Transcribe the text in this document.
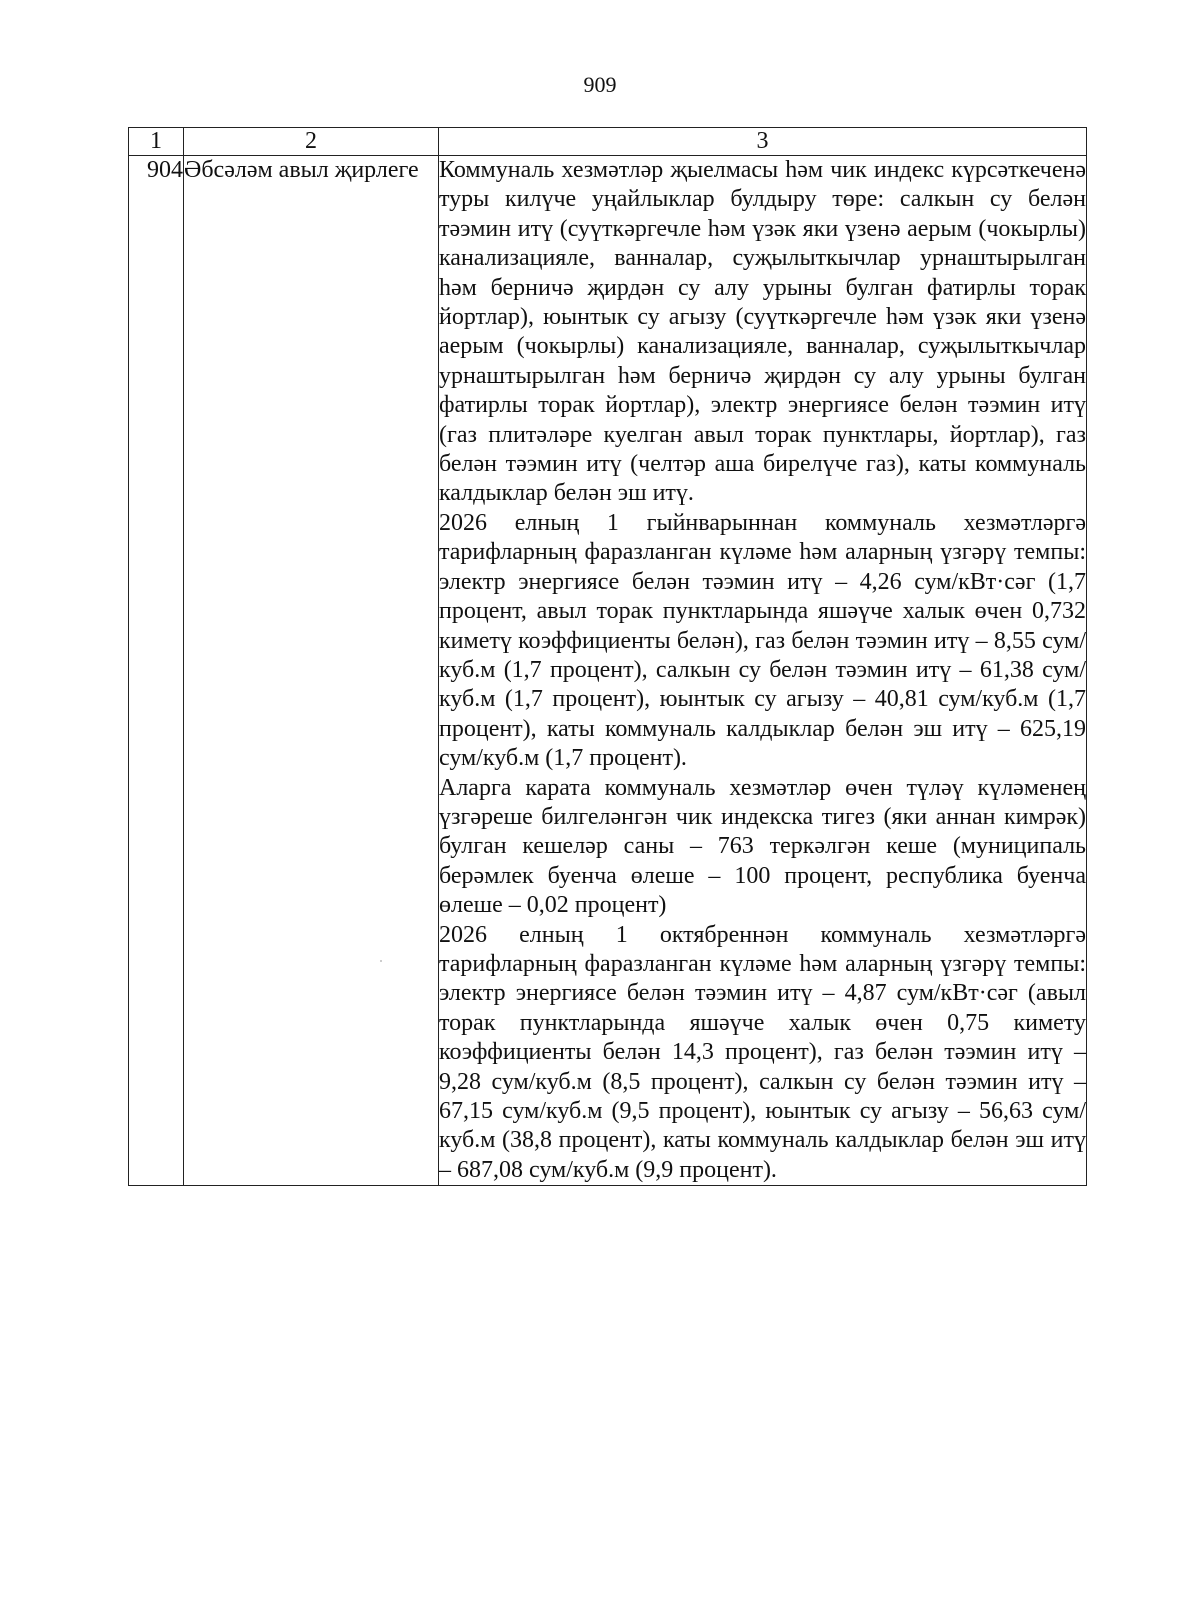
909
1	2	3
904	Әбсәләм авыл җирлеге	Коммуналь хезмәтләр җыелмасы һәм чик индекс күрсәткеченә туры килүче уңайлыклар булдыру төре: салкын су белән тәэмин итү (суүткәргечле һәм үзәк яки үзенә аерым (чокырлы) канализацияле, ванналар, суҗылыткычлар урнаштырылган һәм берничә җирдән су алу урыны булган фатирлы торак йортлар), юынтык су агызу (суүткәргечле һәм үзәк яки үзенә аерым (чокырлы) канализацияле, ванналар, суҗылыткычлар урнаштырылган һәм берничә җирдән су алу урыны булган фатирлы торак йортлар), электр энергиясе белән тәэмин итү (газ плитәләре куелган авыл торак пунктлары, йортлар), газ белән тәэмин итү (челтәр аша бирелүче газ), каты коммуналь калдыклар белән эш итү.

2026 елның 1 гыйнварыннан коммуналь хезмәтләргә тарифларның фаразланган күләме һәм аларның үзгәрү темпы: электр энергиясе белән тәэмин итү – 4,26 сум/кВт·сәг (1,7 процент, авыл торак пунктларында яшәүче халык өчен 0,732 киметү коэффициенты белән), газ белән тәэмин итү – 8,55 сум/куб.м (1,7 процент), салкын су белән тәэмин итү – 61,38 сум/куб.м (1,7 процент), юынтык су агызу – 40,81 сум/куб.м (1,7 процент), каты коммуналь калдыклар белән эш итү – 625,19 сум/куб.м (1,7 процент).

Аларга карата коммуналь хезмәтләр өчен түләү күләменең үзгәреше билгеләнгән чик индекска тигез (яки аннан кимрәк) булган кешеләр саны – 763 теркәлгән кеше (муниципаль берәмлек буенча өлеше – 100 процент, республика буенча өлеше – 0,02 процент)

2026 елның 1 октябреннән коммуналь хезмәтләргә тарифларның фаразланган күләме һәм аларның үзгәрү темпы: электр энергиясе белән тәэмин итү – 4,87 сум/кВт·сәг (авыл торак пунктларында яшәүче халык өчен 0,75 кимету коэффициенты белән 14,3 процент), газ белән тәэмин итү – 9,28 сум/куб.м (8,5 процент), салкын су белән тәэмин итү – 67,15 сум/куб.м (9,5 процент), юынтык су агызу – 56,63 сум/куб.м (38,8 процент), каты коммуналь калдыклар белән эш итү – 687,08 сум/куб.м (9,9 процент).
